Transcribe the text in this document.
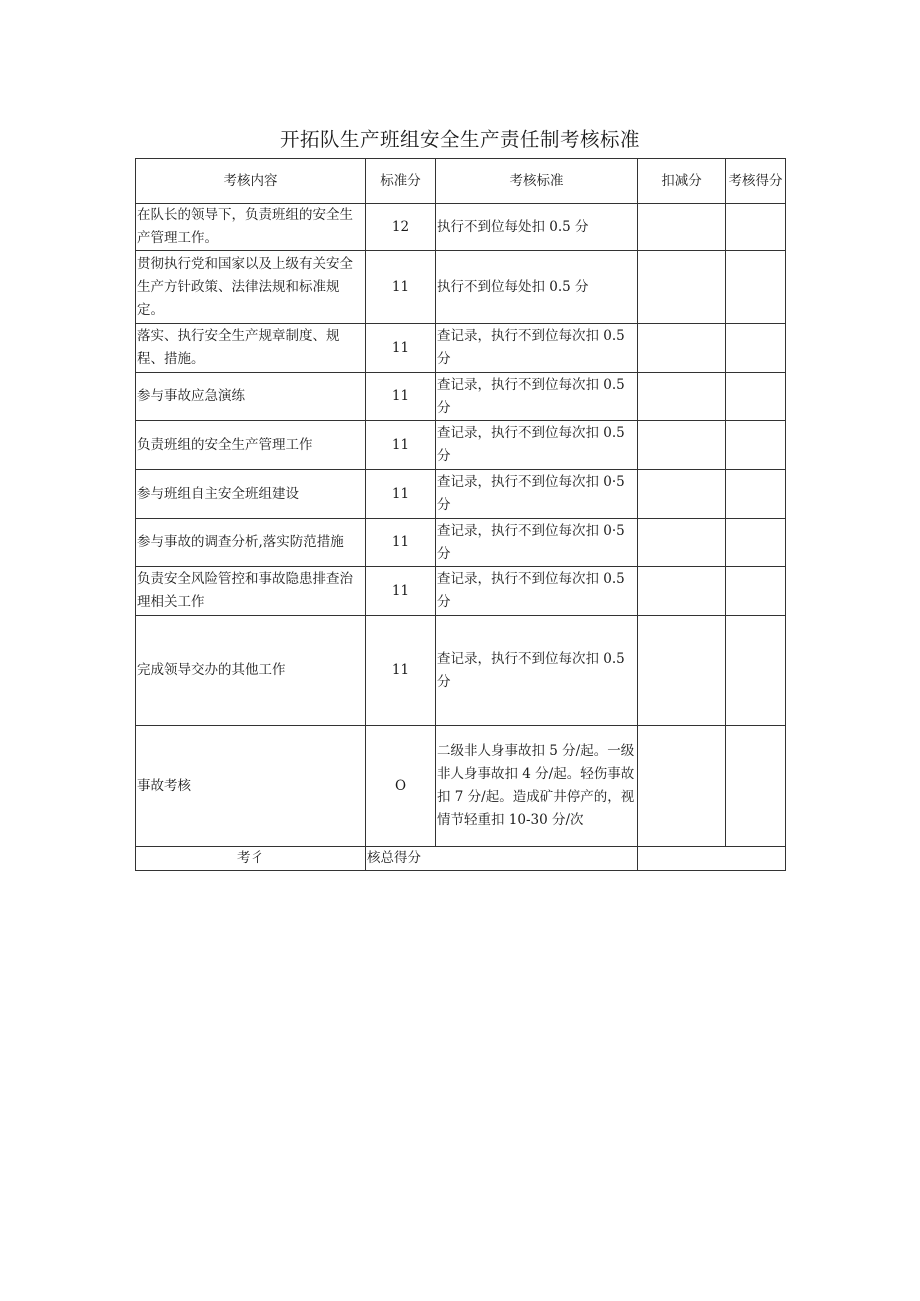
开拓队生产班组安全生产责任制考核标准
考核内容	标准分	考核标准	扣减分	考核得分
在队长的领导下，负责班组的安全生产管理工作。	12	执行不到位每处扣 0.5 分		
贯彻执行党和国家以及上级有关安全生产方针政策、法律法规和标准规定。	11	执行不到位每处扣 0.5 分		
落实、执行安全生产规章制度、规程、措施。	11	查记录，执行不到位每次扣 0.5 分		
参与事故应急演练	11	查记录，执行不到位每次扣 0.5 分		
负责班组的安全生产管理工作	11	查记录，执行不到位每次扣 0.5 分		
参与班组自主安全班组建设	11	查记录，执行不到位每次扣 0·5 分		
参与事故的调查分析,落实防范措施	11	查记录，执行不到位每次扣 0·5 分		
负责安全风险管控和事故隐患排查治理相关工作	11	查记录，执行不到位每次扣 0.5 分		
完成领导交办的其他工作	11	查记录，执行不到位每次扣 0.5 分		
事故考核	O	二级非人身事故扣 5 分/起。一级非人身事故扣 4 分/起。轻伤事故扣 7 分/起。造成矿井停产的，视情节轻重扣 10-30 分/次		
考彳	核总得分			
